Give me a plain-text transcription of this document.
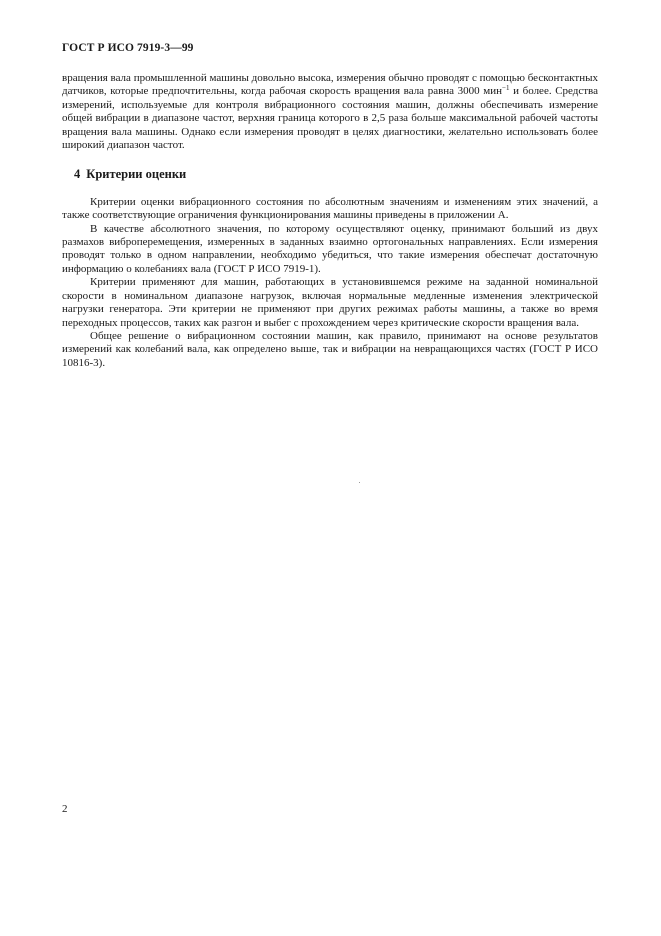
ГОСТ Р ИСО 7919-3—99

вращения вала промышленной машины довольно высока, измерения обычно проводят с помощью бесконтактных датчиков, которые предпочтительны, когда рабочая скорость вращения вала равна 3000 мин$^{-1}$ и более. Средства измерений, используемые для контроля вибрационного состояния машин, должны обеспечивать измерение общей вибрации в диапазоне частот, верхняя граница которого в 2,5 раза больше максимальной рабочей частоты вращения вала машины. Однако если измерения проводят в целях диагностики, желательно использовать более широкий диапазон частот.

4 Критерии оценки

Критерии оценки вибрационного состояния по абсолютным значениям и изменениям этих значений, а также соответствующие ограничения функционирования машины приведены в приложении А.

В качестве абсолютного значения, по которому осуществляют оценку, принимают больший из двух размахов виброперемещения, измеренных в заданных взаимно ортогональных направлениях. Если измерения проводят только в одном направлении, необходимо убедиться, что такие измерения обеспечат достаточную информацию о колебаниях вала (ГОСТ Р ИСО 7919-1).

Критерии применяют для машин, работающих в установившемся режиме на заданной номинальной скорости в номинальном диапазоне нагрузок, включая нормальные медленные изменения электрической нагрузки генератора. Эти критерии не применяют при других режимах работы машины, а также во время переходных процессов, таких как разгон и выбег с прохождением через критические скорости вращения вала.

Общее решение о вибрационном состоянии машин, как правило, принимают на основе результатов измерений как колебаний вала, как определено выше, так и вибрации на невращающихся частях (ГОСТ Р ИСО 10816-3).

2
